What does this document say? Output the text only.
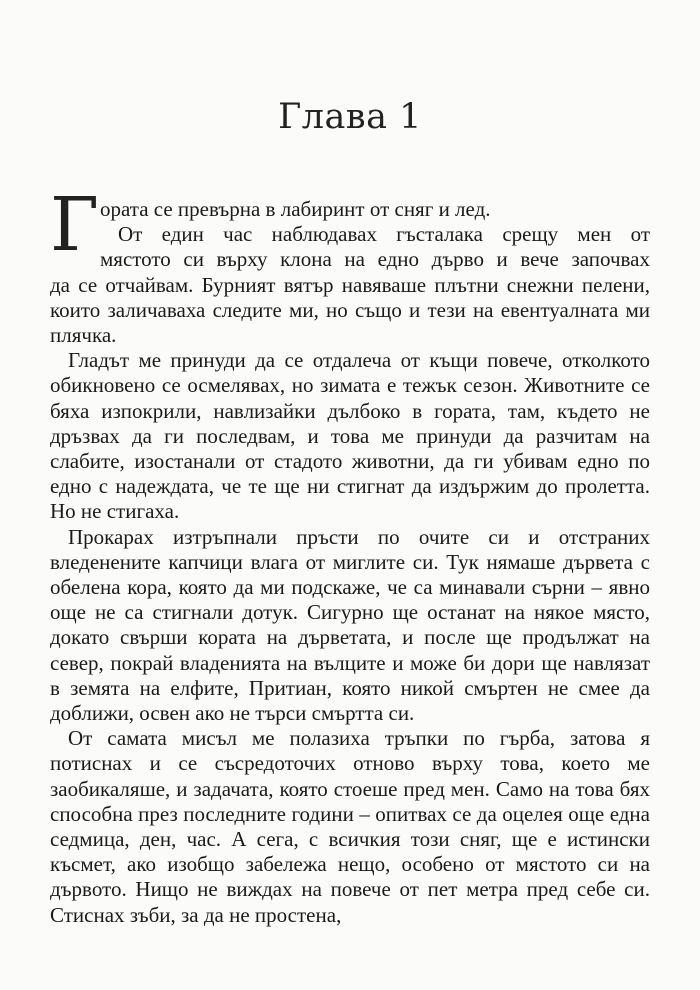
Глава 1
Г ората се превърна в лабиринт от сняг и лед.
От един час наблюдавах гъсталака срещу мен от
мястото си върху клона на едно дърво и вече започвах
да се отчайвам. Бурният вятър навяваше плътни снежни пелени, които заличаваха следите ми, но също и тези на евентуалната ми плячка.

Гладът ме принуди да се отдалеча от къщи повече, отколкото обикновено се осмелявах, но зимата е тежък сезон. Животните се бяха изпокрили, навлизайки дълбоко в гората, там, където не дръзвах да ги последвам, и това ме принуди да разчитам на слабите, изостанали от стадото животни, да ги убивам едно по едно с надеждата, че те ще ни стигнат да издържим до пролетта. Но не стигаха.

Прокарах изтръпнали пръсти по очите си и отстраних вледенените капчици влага от миглите си. Тук нямаше дървета с обелена кора, която да ми подскаже, че са минавали сърни – явно още не са стигнали дотук. Сигурно ще останат на някое място, докато свърши кората на дърветата, и после ще продължат на север, покрай владенията на вълците и може би дори ще навлязат в земята на елфите, Притиан, която никой смъртен не смее да доближи, освен ако не търси смъртта си.

От самата мисъл ме полазиха тръпки по гърба, затова я потиснах и се съсредоточих отново върху това, което ме заобикаляше, и задачата, която стоеше пред мен. Само на това бях способна през последните години – опитвах се да оцелея още една седмица, ден, час. А сега, с всичкия този сняг, ще е истински късмет, ако изобщо забележа нещо, особено от мястото си на дървото. Нищо не виждах на повече от пет метра пред себе си. Стиснах зъби, за да не простена,
